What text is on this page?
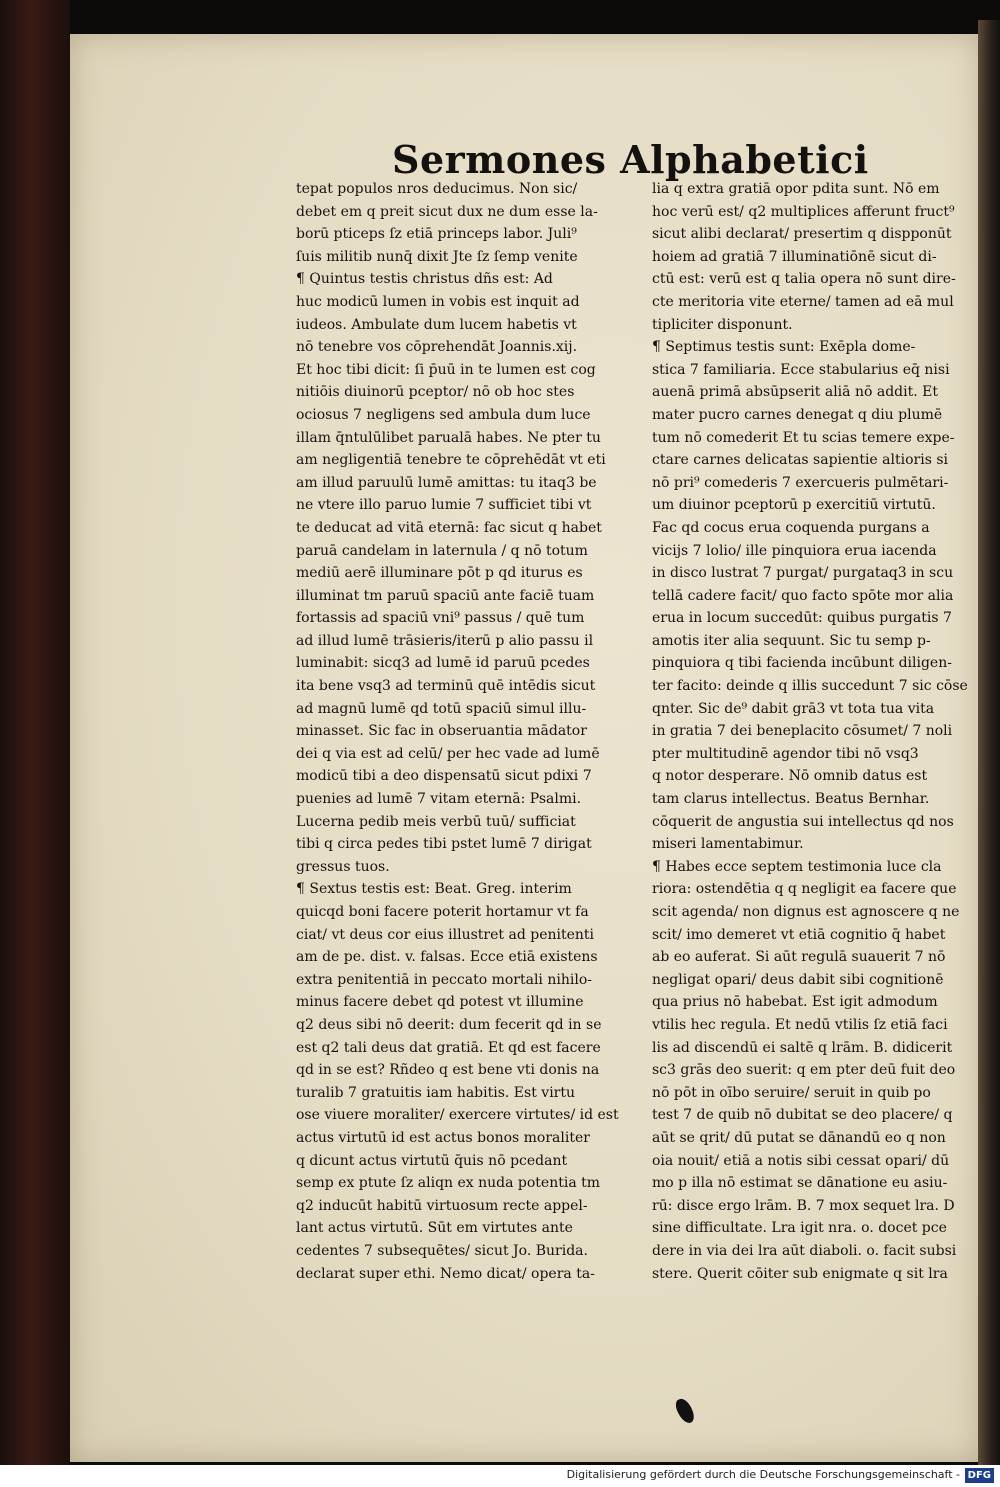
Sermones Alphabetici
tepat populos nros deducimus. Non sic/
debet em q preit sicut dux ne dum esse la-
borū pticeps ſz etiā princeps labor. Juli⁹
ſuis militib nunq̄ dixit Jte ſz ſemp venite
¶ Quintus testis christus dñs est: Ad
huc modicū lumen in vobis est inquit ad
iudeos. Ambulate dum lucem habetis vt
nō tenebre vos cōprehendāt Joannis.xij.
Et hoc tibi dicit: ſi p̄uū in te lumen est cog
nitiōis diuinorū pceptor/ nō ob hoc stes
ociosus 7 negligens sed ambula dum luce
illam q̄ntulūlibet parualā habes. Ne pter tu
am negligentiā tenebre te cōprehēdāt vt eti
am illud paruulū lumē amittas: tu itaq3 be
ne vtere illo paruo lumie 7 sufficiet tibi vt
te deducat ad vitā eternā: fac sicut q habet
paruā candelam in laternula / q nō totum
mediū aerē illuminare pōt p qd iturus es
illuminat tm paruū spaciū ante faciē tuam
fortassis ad spaciū vni⁹ passus / quē tum
ad illud lumē trāsieris/iterū p alio passu il
luminabit: sicq3 ad lumē id paruū pcedes
ita bene vsq3 ad terminū quē intēdis sicut
ad magnū lumē qd totū spaciū simul illu-
minasset. Sic fac in obseruantia mādator
dei q via est ad celū/ per hec vade ad lumē
modicū tibi a deo dispensatū sicut pdixi 7
puenies ad lumē 7 vitam eternā: Psalmi.
Lucerna pedib meis verbū tuū/ sufficiat
tibi q circa pedes tibi pstet lumē 7 dirigat
gressus tuos.
¶ Sextus testis est: Beat. Greg. interim
quicqd boni facere poterit hortamur vt fa
ciat/ vt deus cor eius illustret ad penitenti
am de pe. dist. v. falsas. Ecce etiā existens
extra penitentiā in peccato mortali nihilo-
minus facere debet qd potest vt illumine
q2 deus sibi nō deerit: dum fecerit qd in se
est q2 tali deus dat gratiā. Et qd est facere
qd in se est? Rñdeo q est bene vti donis na
turalib 7 gratuitis iam habitis. Est virtu
ose viuere moraliter/ exercere virtutes/ id est
actus virtutū id est actus bonos moraliter
q dicunt actus virtutū q̄uis nō pcedant
semp ex ptute ſz aliqn ex nuda potentia tm
q2 inducūt habitū virtuosum recte appel-
lant actus virtutū. Sūt em virtutes ante
cedentes 7 subsequētes/ sicut Jo. Burida.
declarat super ethi. Nemo dicat/ opera ta-
lia q extra gratiā opor pdita sunt. Nō em
hoc verū est/ q2 multiplices afferunt fruct⁹
sicut alibi declarat/ presertim q dispponūt
hoiem ad gratiā 7 illuminatiōnē sicut di-
ctū est: verū est q talia opera nō sunt dire-
cte meritoria vite eterne/ tamen ad eā mul
tipliciter disponunt.
¶ Septimus testis sunt: Exēpla dome-
stica 7 familiaria. Ecce stabularius eq̄ nisi
auenā primā absūpserit aliā nō addit. Et
mater pucro carnes denegat q diu plumē
tum nō comederit Et tu scias temere expe-
ctare carnes delicatas sapientie altioris si
nō pri⁹ comederis 7 exercueris pulmētari-
um diuinor pceptorū p exercitiū virtutū.
Fac qd cocus erua coquenda purgans a
vicijs 7 lolio/ ille pinquiora erua iacenda
in disco lustrat 7 purgat/ purgataq3 in scu
tellā cadere facit/ quo facto spōte mor alia
erua in locum succedūt: quibus purgatis 7
amotis iter alia sequunt. Sic tu semp p-
pinquiora q tibi facienda incūbunt diligen-
ter facito: deinde q illis succedunt 7 sic cōse
qnter. Sic de⁹ dabit grā3 vt tota tua vita
in gratia 7 dei beneplacito cōsumet/ 7 noli
pter multitudinē agendor tibi nō vsq3
q notor desperare. Nō omnib datus est
tam clarus intellectus. Beatus Bernhar.
cōquerit de angustia sui intellectus qd nos
miseri lamentabimur.
¶ Habes ecce septem testimonia luce cla
riora: ostendētia q q negligit ea facere que
scit agenda/ non dignus est agnoscere q ne
scit/ imo demeret vt etiā cognitio q̄ habet
ab eo auferat. Si aūt regulā suauerit 7 nō
negligat opari/ deus dabit sibi cognitionē
qua prius nō habebat. Est igit admodum
vtilis hec regula. Et nedū vtilis ſz etiā faci
lis ad discendū ei saltē q lrām. B. didicerit
sc3 grās deo suerit: q em pter deū fuit deo
nō pōt in oībo seruire/ seruit in quib po
test 7 de quib nō dubitat se deo placere/ q
aūt se qrit/ dū putat se dānandū eo q non
oia nouit/ etiā a notis sibi cessat opari/ dū
mo p illa nō estimat se dānatione eu asiu-
rū: disce ergo lrām. B. 7 mox sequet lra. D
sine difficultate. Lra igit nra. o. docet pce
dere in via dei lra aūt diaboli. o. facit subsi
stere. Querit cōiter sub enigmate q sit lra
Digitalisierung gefördert durch die Deutsche Forschungsgemeinschaft - DFG
